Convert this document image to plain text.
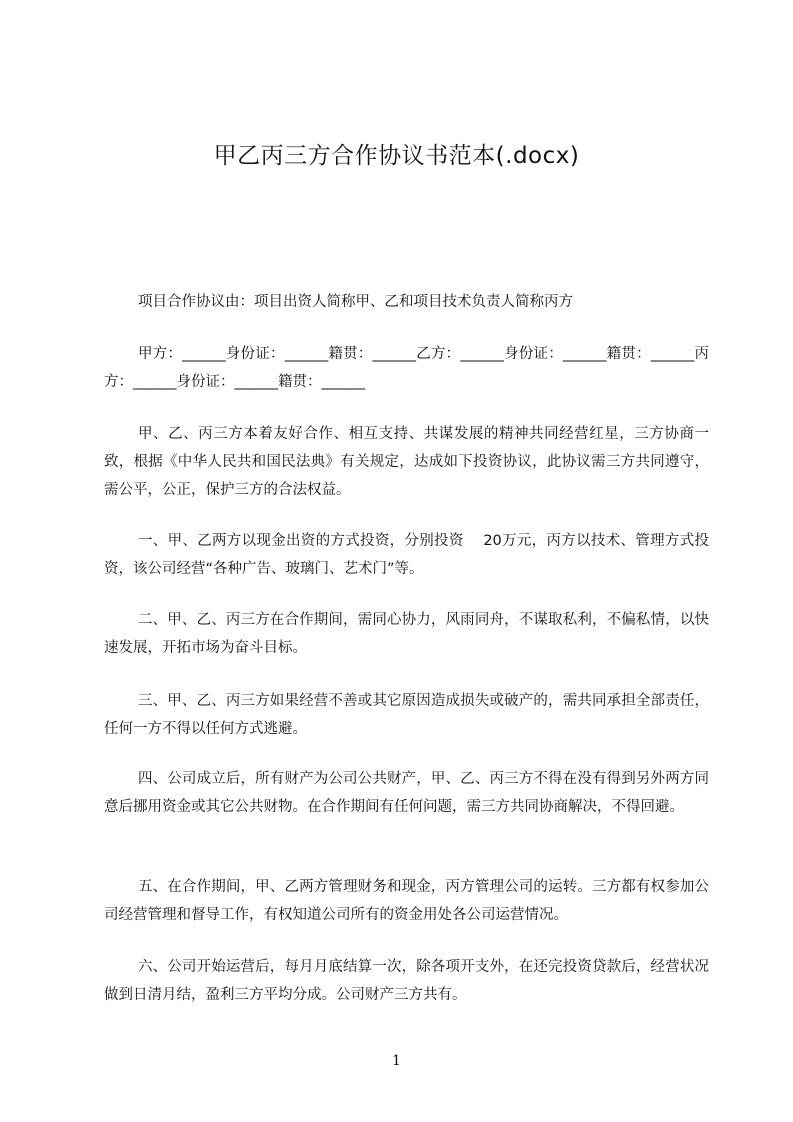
甲乙丙三方合作协议书范本(.docx)

项目合作协议由：项目出资人简称甲、乙和项目技术负责人简称丙方

甲方：______身份证：______籍贯：______乙方：______身份证：______籍贯：______丙方：______身份证：______籍贯：______

甲、乙、丙三方本着友好合作、相互支持、共谋发展的精神共同经营红星，三方协商一致，根据《中华人民共和国民法典》有关规定，达成如下投资协议，此协议需三方共同遵守，需公平，公正，保护三方的合法权益。

一、甲、乙两方以现金出资的方式投资，分别投资　 20万元，丙方以技术、管理方式投资，该公司经营“各种广告、玻璃门、艺术门”等。

二、甲、乙、丙三方在合作期间，需同心协力，风雨同舟，不谋取私利，不偏私情，以快速发展，开拓市场为奋斗目标。

三、甲、乙、丙三方如果经营不善或其它原因造成损失或破产的，需共同承担全部责任，任何一方不得以任何方式逃避。

四、公司成立后，所有财产为公司公共财产，甲、乙、丙三方不得在没有得到另外两方同意后挪用资金或其它公共财物。在合作期间有任何问题，需三方共同协商解决，不得回避。

五、在合作期间，甲、乙两方管理财务和现金，丙方管理公司的运转。三方都有权参加公司经营管理和督导工作，有权知道公司所有的资金用处各公司运营情况。

六、公司开始运营后，每月月底结算一次，除各项开支外，在还完投资贷款后，经营状况做到日清月结，盈利三方平均分成。公司财产三方共有。

1
